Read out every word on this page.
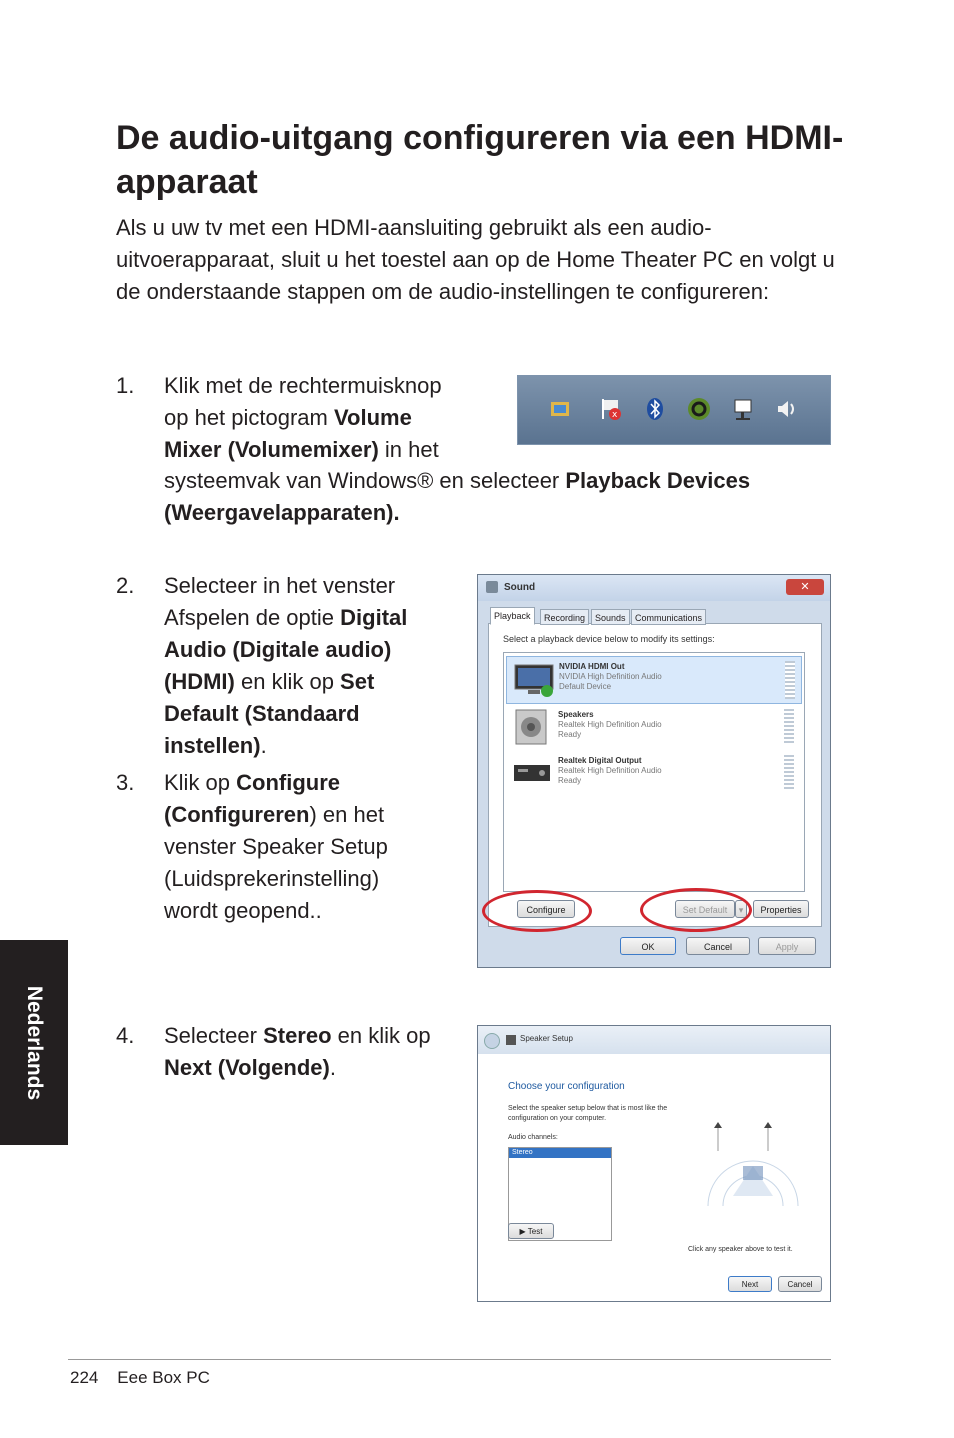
De audio-uitgang configureren via een HDMI-apparaat
Als u uw tv met een HDMI-aansluiting gebruikt als een audio-uitvoerapparaat, sluit u het toestel aan op de Home Theater PC en volgt u de onderstaande stappen om de audio-instellingen te configureren:
1. Klik met de rechtermuisknop
op het pictogram Volume
Mixer (Volumemixer) in het
systeemvak van Windows® en selecteer Playback Devices
(Weergavelapparaten).
x
2. Selecteer in het venster
Afspelen de optie Digital
Audio (Digitale audio)
(HDMI) en klik op Set
Default (Standaard
instellen).
3. Klik op Configure
(Configureren) en het
venster Speaker Setup
(Luidsprekerinstelling)
wordt geopend..
Sound	✕
Select a playback device below to modify its settings:
NVIDIA HDMI Out
NVIDIA High Definition Audio
Default Device
Speakers
Realtek High Definition Audio
Ready
Realtek Digital Output
Realtek High Definition Audio
Ready
Configure	Set Default	▾	Properties
Playback	Recording	Sounds	Communications
OK	Cancel	Apply
4. Selecteer Stereo en klik op
Next (Volgende).
Speaker Setup
Choose your configuration
Select the speaker setup below that is most like the configuration on your computer.
Audio channels:
Stereo
▶ Test
Click any speaker above to test it.
Next	Cancel
Nederlands
224 Eee Box PC
